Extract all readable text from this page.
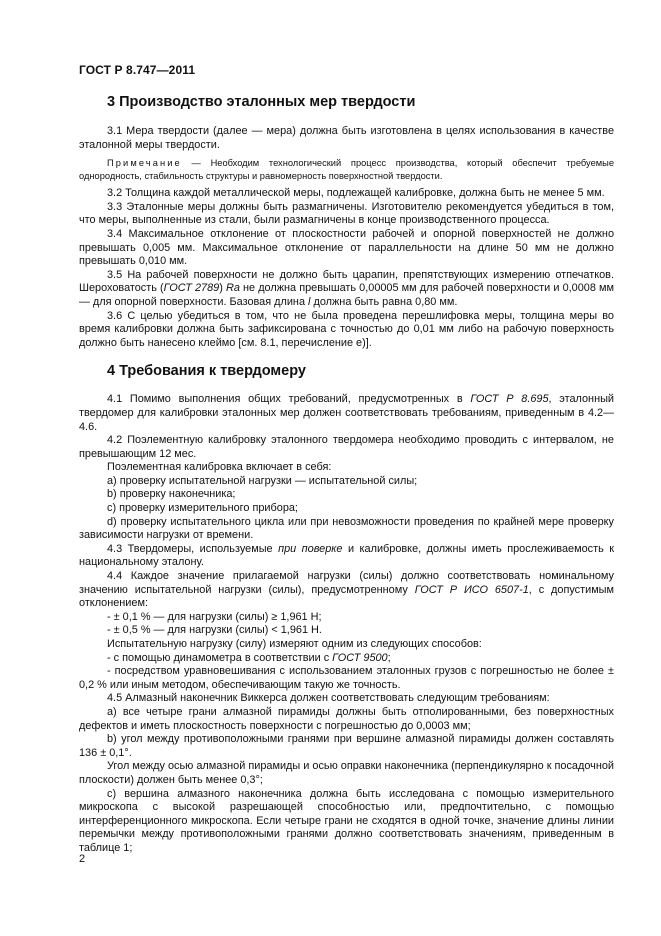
ГОСТ Р 8.747—2011
3 Производство эталонных мер твердости

3.1 Мера твердости (далее — мера) должна быть изготовлена в целях использования в качестве эталонной меры твердости.

Примечание — Необходим технологический процесс производства, который обеспечит требуемые однородность, стабильность структуры и равномерность поверхностной твердости.

3.2 Толщина каждой металлической меры, подлежащей калибровке, должна быть не менее 5 мм.

3.3 Эталонные меры должны быть размагничены. Изготовителю рекомендуется убедиться в том, что меры, выполненные из стали, были размагничены в конце производственного процесса.

3.4 Максимальное отклонение от плоскостности рабочей и опорной поверхностей не должно превышать 0,005 мм. Максимальное отклонение от параллельности на длине 50 мм не должно превышать 0,010 мм.

3.5 На рабочей поверхности не должно быть царапин, препятствующих измерению отпечатков. Шероховатость (ГОСТ 2789) Ra не должна превышать 0,00005 мм для рабочей поверхности и 0,0008 мм — для опорной поверхности. Базовая длина l должна быть равна 0,80 мм.

3.6 С целью убедиться в том, что не была проведена перешлифовка меры, толщина меры во время калибровки должна быть зафиксирована с точностью до 0,01 мм либо на рабочую поверхность должно быть нанесено клеймо [см. 8.1, перечисление е)].

4 Требования к твердомеру

4.1 Помимо выполнения общих требований, предусмотренных в ГОСТ Р 8.695, эталонный твердомер для калибровки эталонных мер должен соответствовать требованиям, приведенным в 4.2—4.6.

4.2 Поэлементную калибровку эталонного твердомера необходимо проводить с интервалом, не превышающим 12 мес.

Поэлементная калибровка включает в себя:

a) проверку испытательной нагрузки — испытательной силы;

b) проверку наконечника;

c) проверку измерительного прибора;

d) проверку испытательного цикла или при невозможности проведения по крайней мере проверку зависимости нагрузки от времени.

4.3 Твердомеры, используемые при поверке и калибровке, должны иметь прослеживаемость к национальному эталону.

4.4 Каждое значение прилагаемой нагрузки (силы) должно соответствовать номинальному значению испытательной нагрузки (силы), предусмотренному ГОСТ Р ИСО 6507-1, с допустимым отклонением:

- ± 0,1 % — для нагрузки (силы) ≥ 1,961 Н;

- ± 0,5 % — для нагрузки (силы) < 1,961 Н.

Испытательную нагрузку (силу) измеряют одним из следующих способов:

- с помощью динамометра в соответствии с ГОСТ 9500;

- посредством уравновешивания с использованием эталонных грузов с погрешностью не более ± 0,2 % или иным методом, обеспечивающим такую же точность.

4.5 Алмазный наконечник Виккерса должен соответствовать следующим требованиям:

а) все четыре грани алмазной пирамиды должны быть отполированными, без поверхностных дефектов и иметь плоскостность поверхности с погрешностью до 0,0003 мм;

b) угол между противоположными гранями при вершине алмазной пирамиды должен составлять 136 ± 0,1°.

Угол между осью алмазной пирамиды и осью оправки наконечника (перпендикулярно к посадочной плоскости) должен быть менее 0,3°;

c) вершина алмазного наконечника должна быть исследована с помощью измерительного микроскопа с высокой разрешающей способностью или, предпочтительно, с помощью интерференционного микроскопа. Если четыре грани не сходятся в одной точке, значение длины линии перемычки между противоположными гранями должно соответствовать значениям, приведенным в таблице 1;

2
